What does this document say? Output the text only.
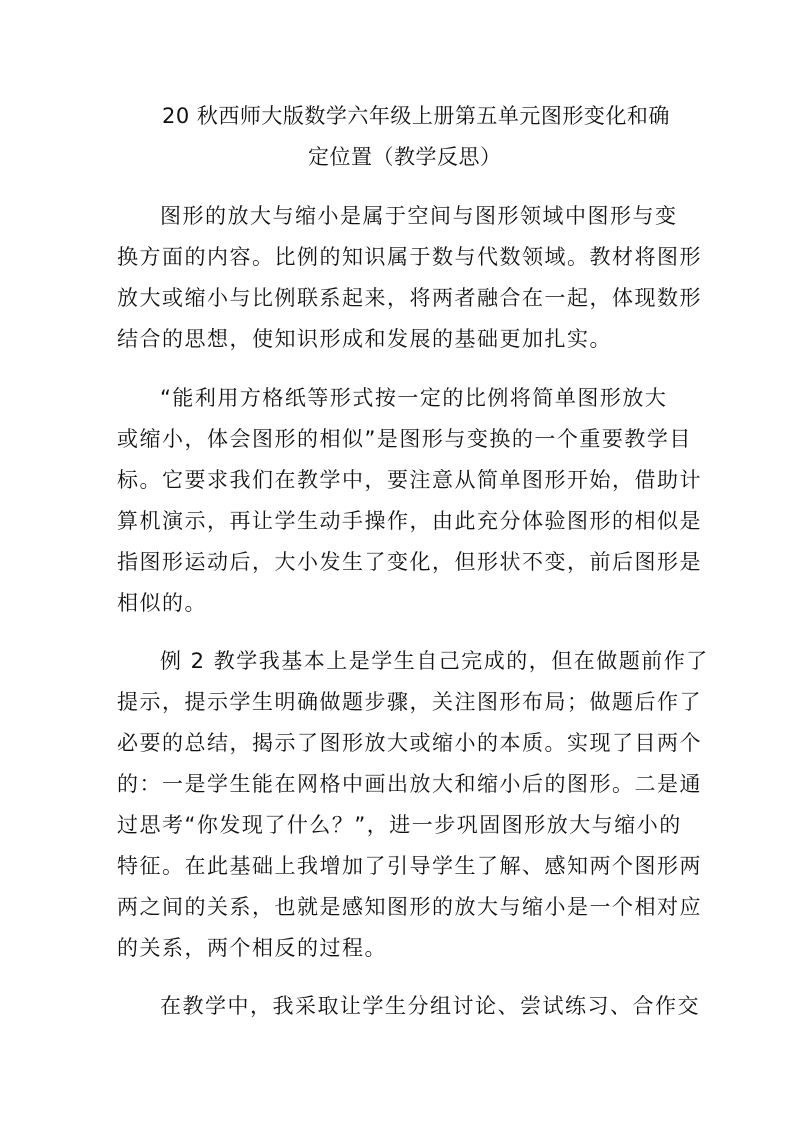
20 秋西师大版数学六年级上册第五单元图形变化和确
定位置（教学反思）
图形的放大与缩小是属于空间与图形领域中图形与变
换方面的内容。比例的知识属于数与代数领域。教材将图形
放大或缩小与比例联系起来，将两者融合在一起，体现数形
结合的思想，使知识形成和发展的基础更加扎实。
“能利用方格纸等形式按一定的比例将简单图形放大
或缩小，体会图形的相似”是图形与变换的一个重要教学目
标。它要求我们在教学中，要注意从简单图形开始，借助计
算机演示，再让学生动手操作，由此充分体验图形的相似是
指图形运动后，大小发生了变化，但形状不变，前后图形是
相似的。
例 2 教学我基本上是学生自己完成的，但在做题前作了
提示，提示学生明确做题步骤，关注图形布局；做题后作了
必要的总结，揭示了图形放大或缩小的本质。实现了目两个
的：一是学生能在网格中画出放大和缩小后的图形。二是通
过思考“你发现了什么？”，进一步巩固图形放大与缩小的
特征。在此基础上我增加了引导学生了解、感知两个图形两
两之间的关系，也就是感知图形的放大与缩小是一个相对应
的关系，两个相反的过程。
在教学中，我采取让学生分组讨论、尝试练习、合作交
